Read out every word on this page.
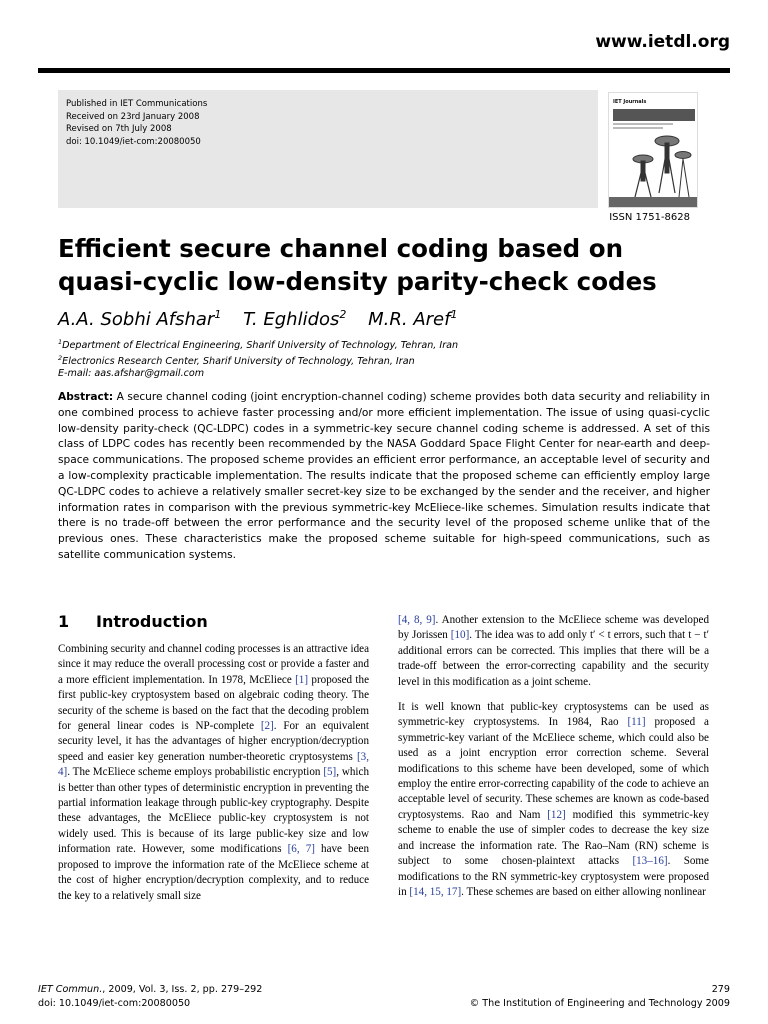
www.ietdl.org
Published in IET Communications
Received on 23rd January 2008
Revised on 7th July 2008
doi: 10.1049/iet-com:20080050
IET Journals
ISSN 1751-8628
Efficient secure channel coding based on
quasi-cyclic low-density parity-check codes
A.A. Sobhi Afshar$^1$ T. Eghlidos$^2$ M.R. Aref$^1$
$^1$Department of Electrical Engineering, Sharif University of Technology, Tehran, Iran
$^2$Electronics Research Center, Sharif University of Technology, Tehran, Iran
E-mail: aas.afshar@gmail.com
Abstract: A secure channel coding (joint encryption-channel coding) scheme provides both data security and reliability in one combined process to achieve faster processing and/or more efficient implementation. The issue of using quasi-cyclic low-density parity-check (QC-LDPC) codes in a symmetric-key secure channel coding scheme is addressed. A set of this class of LDPC codes has recently been recommended by the NASA Goddard Space Flight Center for near-earth and deep-space communications. The proposed scheme provides an efficient error performance, an acceptable level of security and a low-complexity practicable implementation. The results indicate that the proposed scheme can efficiently employ large QC-LDPC codes to achieve a relatively smaller secret-key size to be exchanged by the sender and the receiver, and higher information rates in comparison with the previous symmetric-key McEliece-like schemes. Simulation results indicate that there is no trade-off between the error performance and the security level of the proposed scheme unlike that of the previous ones. These characteristics make the proposed scheme suitable for high-speed communications, such as satellite communication systems.
1 Introduction

Combining security and channel coding processes is an attractive idea since it may reduce the overall processing cost or provide a faster and a more efficient implementation. In 1978, McEliece [1] proposed the first public-key cryptosystem based on algebraic coding theory. The security of the scheme is based on the fact that the decoding problem for general linear codes is NP-complete [2]. For an equivalent security level, it has the advantages of higher encryption/decryption speed and easier key generation number-theoretic cryptosystems [3, 4]. The McEliece scheme employs probabilistic encryption [5], which is better than other types of deterministic encryption in preventing the partial information leakage through public-key cryptography. Despite these advantages, the McEliece public-key cryptosystem is not widely used. This is because of its large public-key size and low information rate. However, some modifications [6, 7] have been proposed to improve the information rate of the McEliece scheme at the cost of higher encryption/decryption complexity, and to reduce the key to a relatively small size

[4, 8, 9]. Another extension to the McEliece scheme was developed by Jorissen [10]. The idea was to add only t′ < t errors, such that t − t′ additional errors can be corrected. This implies that there will be a trade-off between the error-correcting capability and the security level in this modification as a joint scheme.

It is well known that public-key cryptosystems can be used as symmetric-key cryptosystems. In 1984, Rao [11] proposed a symmetric-key variant of the McEliece scheme, which could also be used as a joint encryption error correction scheme. Several modifications to this scheme have been developed, some of which employ the entire error-correcting capability of the code to achieve an acceptable level of security. These schemes are known as code-based cryptosystems. Rao and Nam [12] modified this symmetric-key scheme to enable the use of simpler codes to decrease the key size and increase the information rate. The Rao–Nam (RN) scheme is subject to some chosen-plaintext attacks [13–16]. Some modifications to the RN symmetric-key cryptosystem were proposed in [14, 15, 17]. These schemes are based on either allowing nonlinear

IET Commun., 2009, Vol. 3, Iss. 2, pp. 279–292
doi: 10.1049/iet-com:20080050
279
© The Institution of Engineering and Technology 2009
